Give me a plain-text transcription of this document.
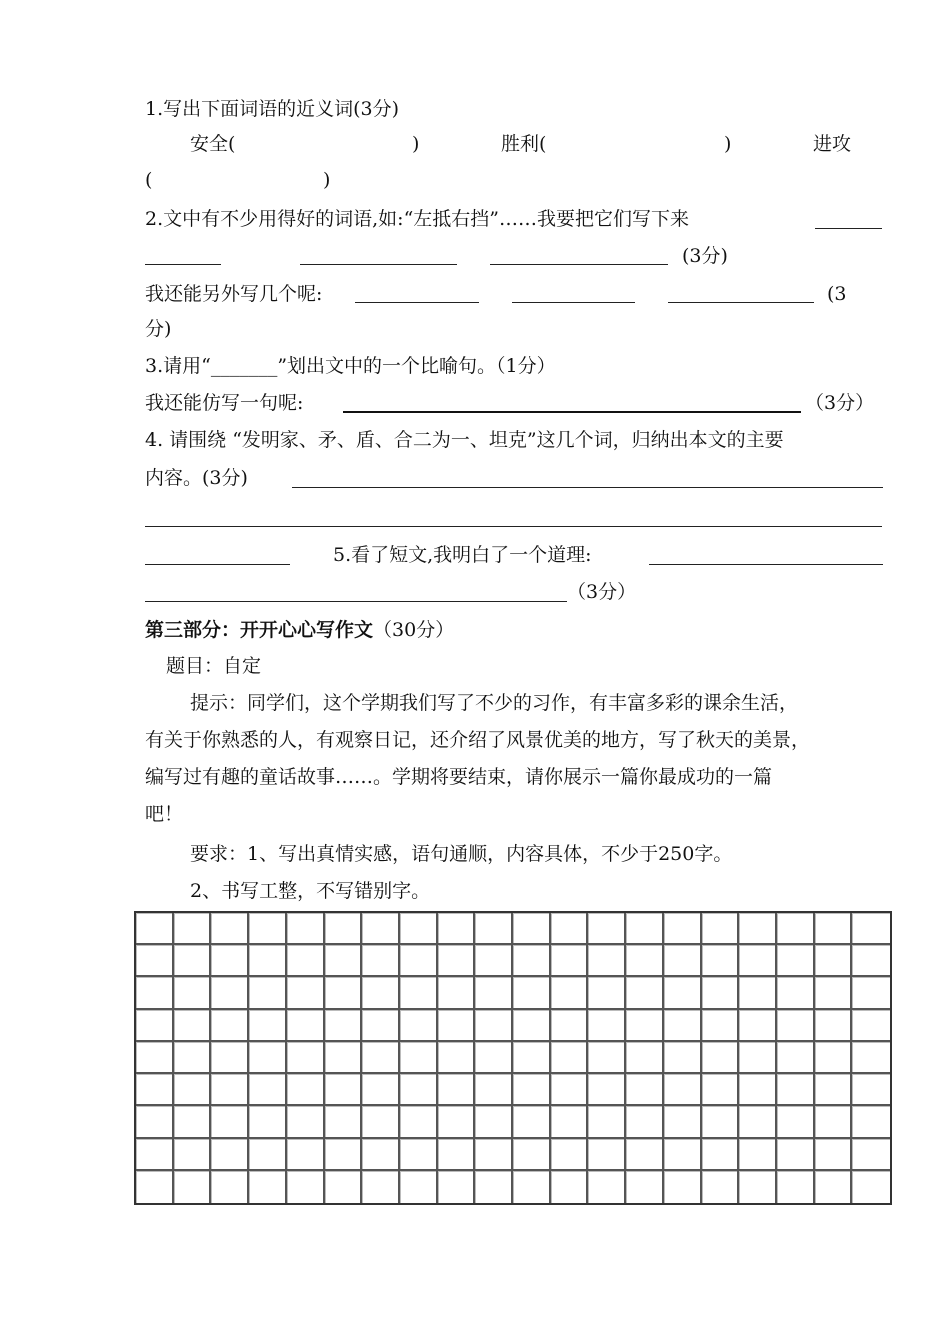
1.写出下面词语的近义词(3分)
安全(	)	胜利(	)	进攻
(	)
2.文中有不少用得好的词语,如:“左抵右挡”……我要把它们写下来
(3分)
我还能另外写几个呢:	(3
分)
3.请用“_______”划出文中的一个比喻句。（1分）
我还能仿写一句呢:	（3分）
4. 请围绕 “发明家、矛、盾、合二为一、坦克”这几个词，归纳出本文的主要
内容。(3分)
5.看了短文,我明白了一个道理:
（3分）
第三部分：开开心心写作文（30分）
题目：自定
提示：同学们，这个学期我们写了不少的习作，有丰富多彩的课余生活，
有关于你熟悉的人，有观察日记，还介绍了风景优美的地方，写了秋天的美景，
编写过有趣的童话故事……。学期将要结束，请你展示一篇你最成功的一篇
吧！
要求：1、写出真情实感，语句通顺，内容具体，不少于250字。
2、书写工整，不写错别字。
